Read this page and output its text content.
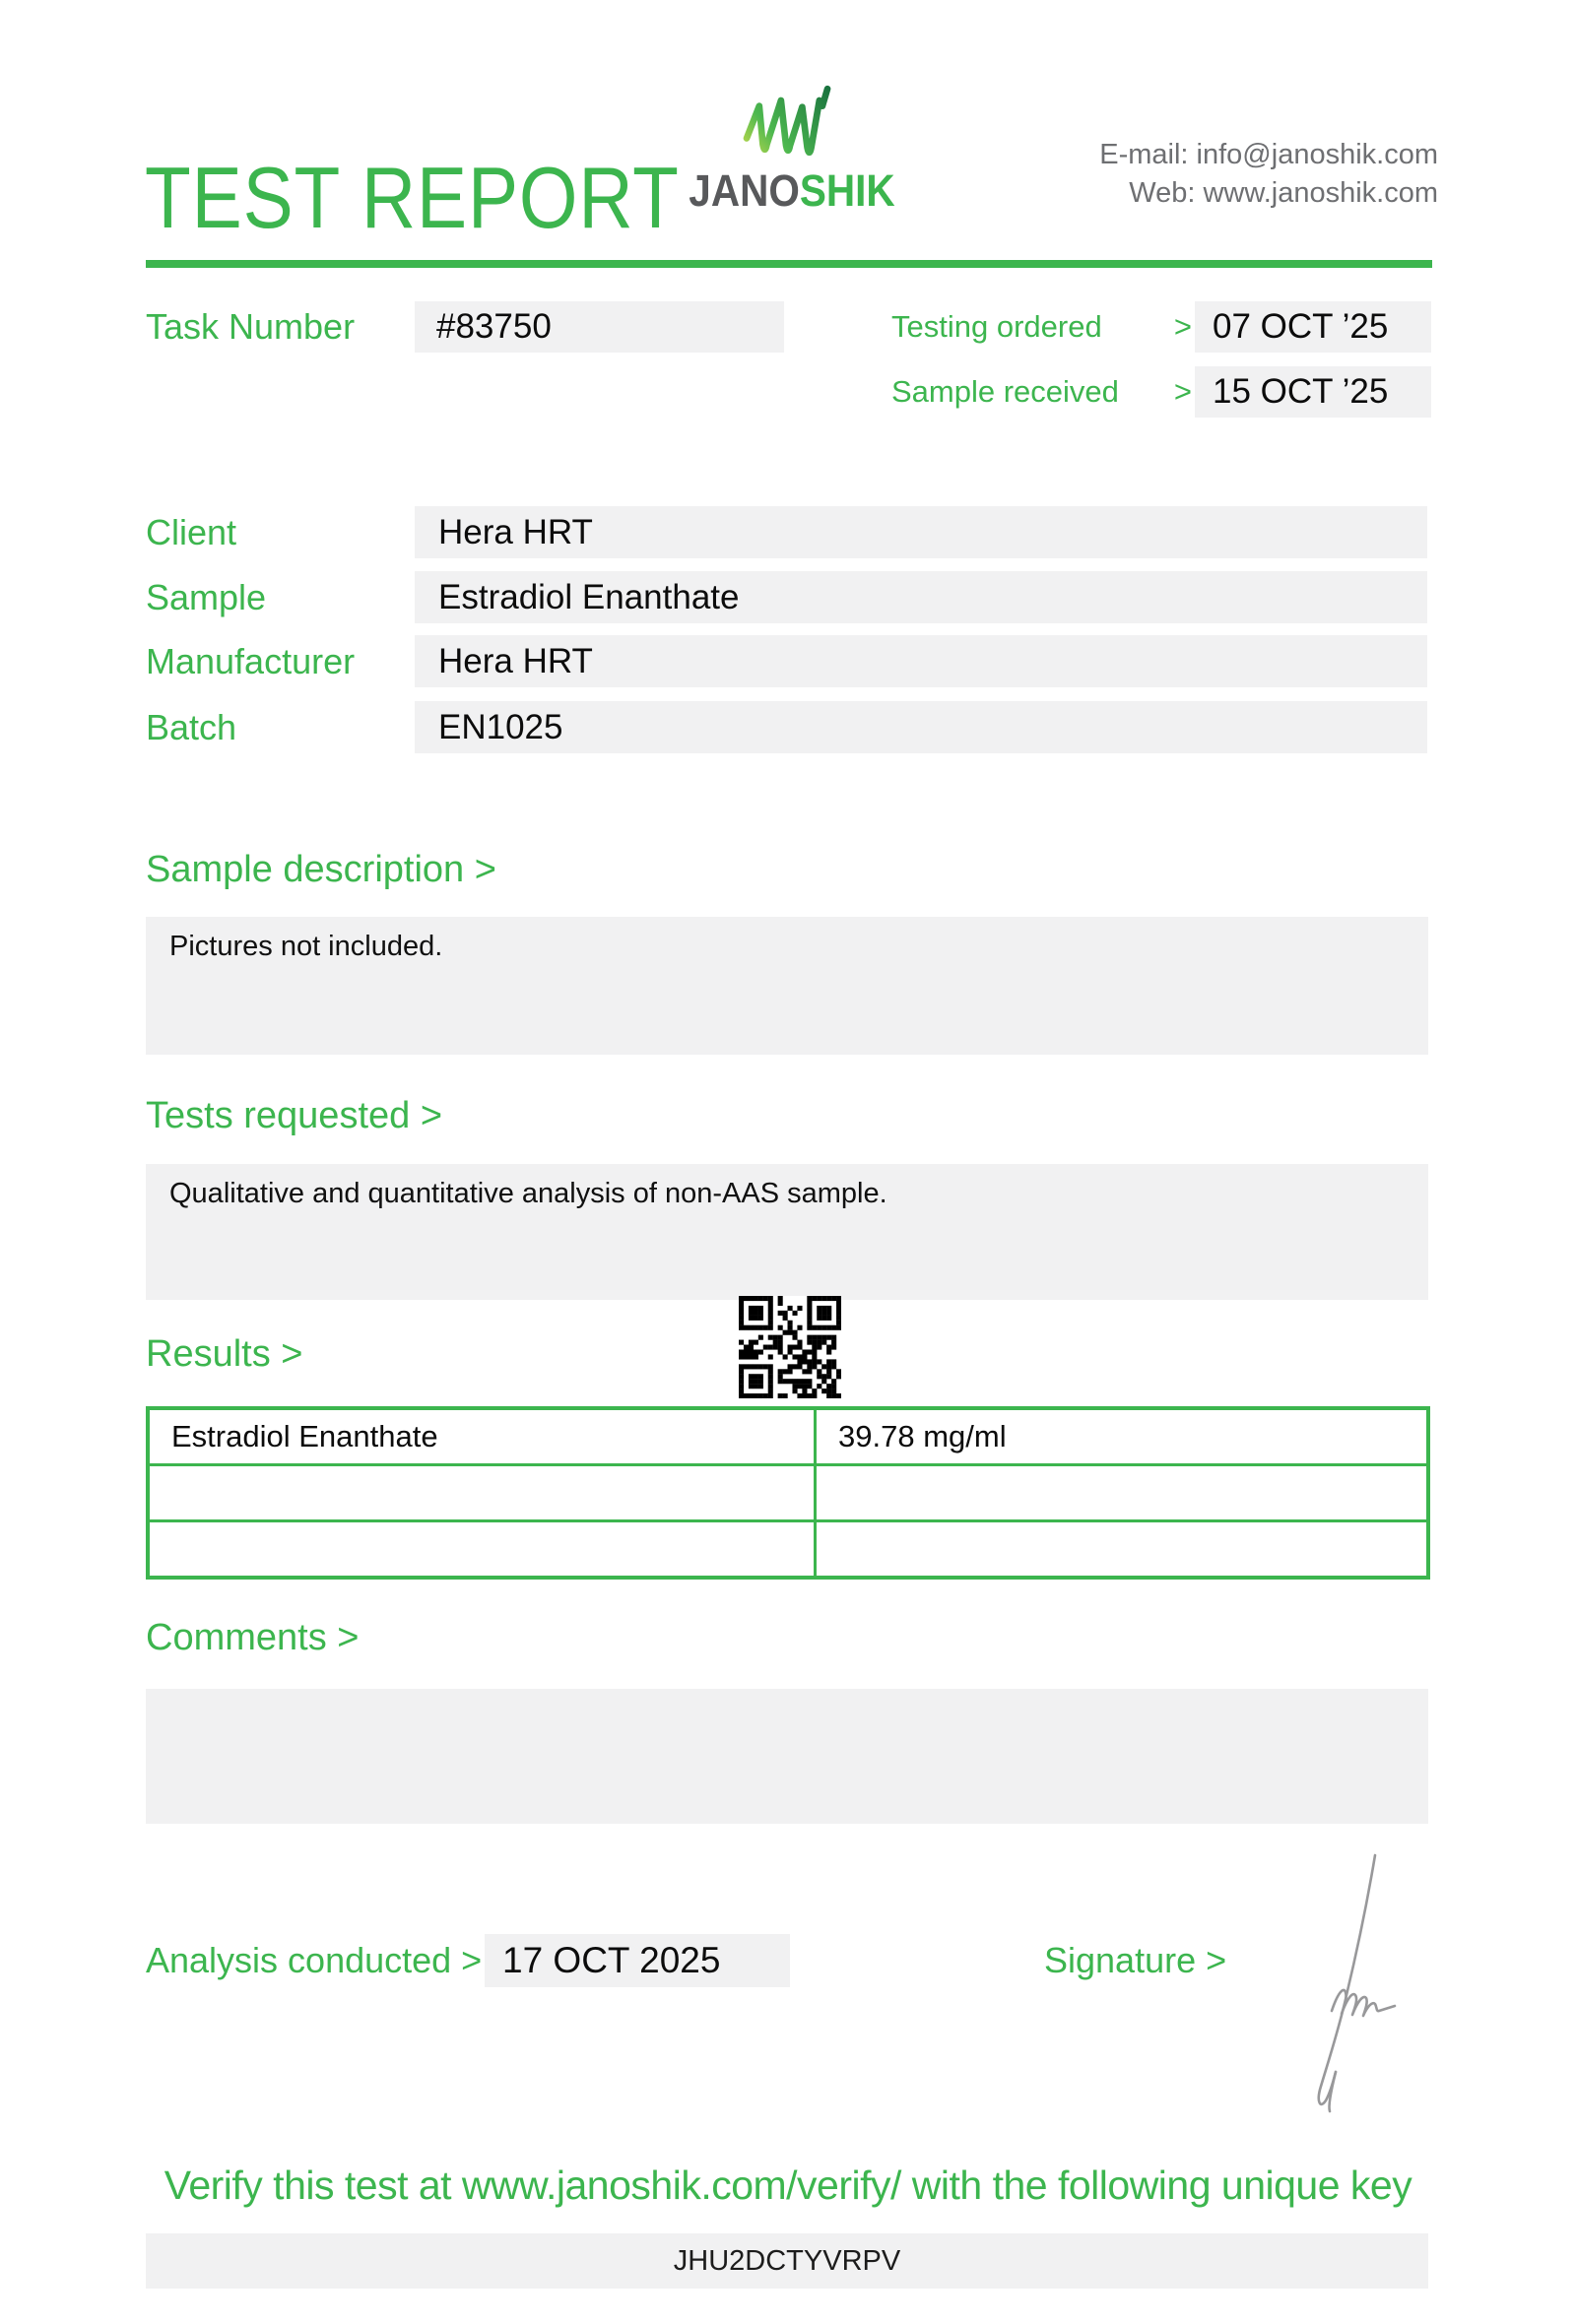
TEST REPORT JANOSHIK
E-mail: info@janoshik.com
Web: www.janoshik.com
Task Number	#83750	Testing ordered > 07 OCT ’25
Sample received > 15 OCT ’25
Client	Hera HRT
Sample	Estradiol Enanthate
Manufacturer	Hera HRT
Batch	EN1025
Sample description >
Pictures not included.
Tests requested >
Qualitative and quantitative analysis of non-AAS sample.
Results >
Estradiol Enanthate	39.78 mg/ml

Comments >
Analysis conducted > 17 OCT 2025	Signature >
Verify this test at www.janoshik.com/verify/ with the following unique key
JHU2DCTYVRPV
